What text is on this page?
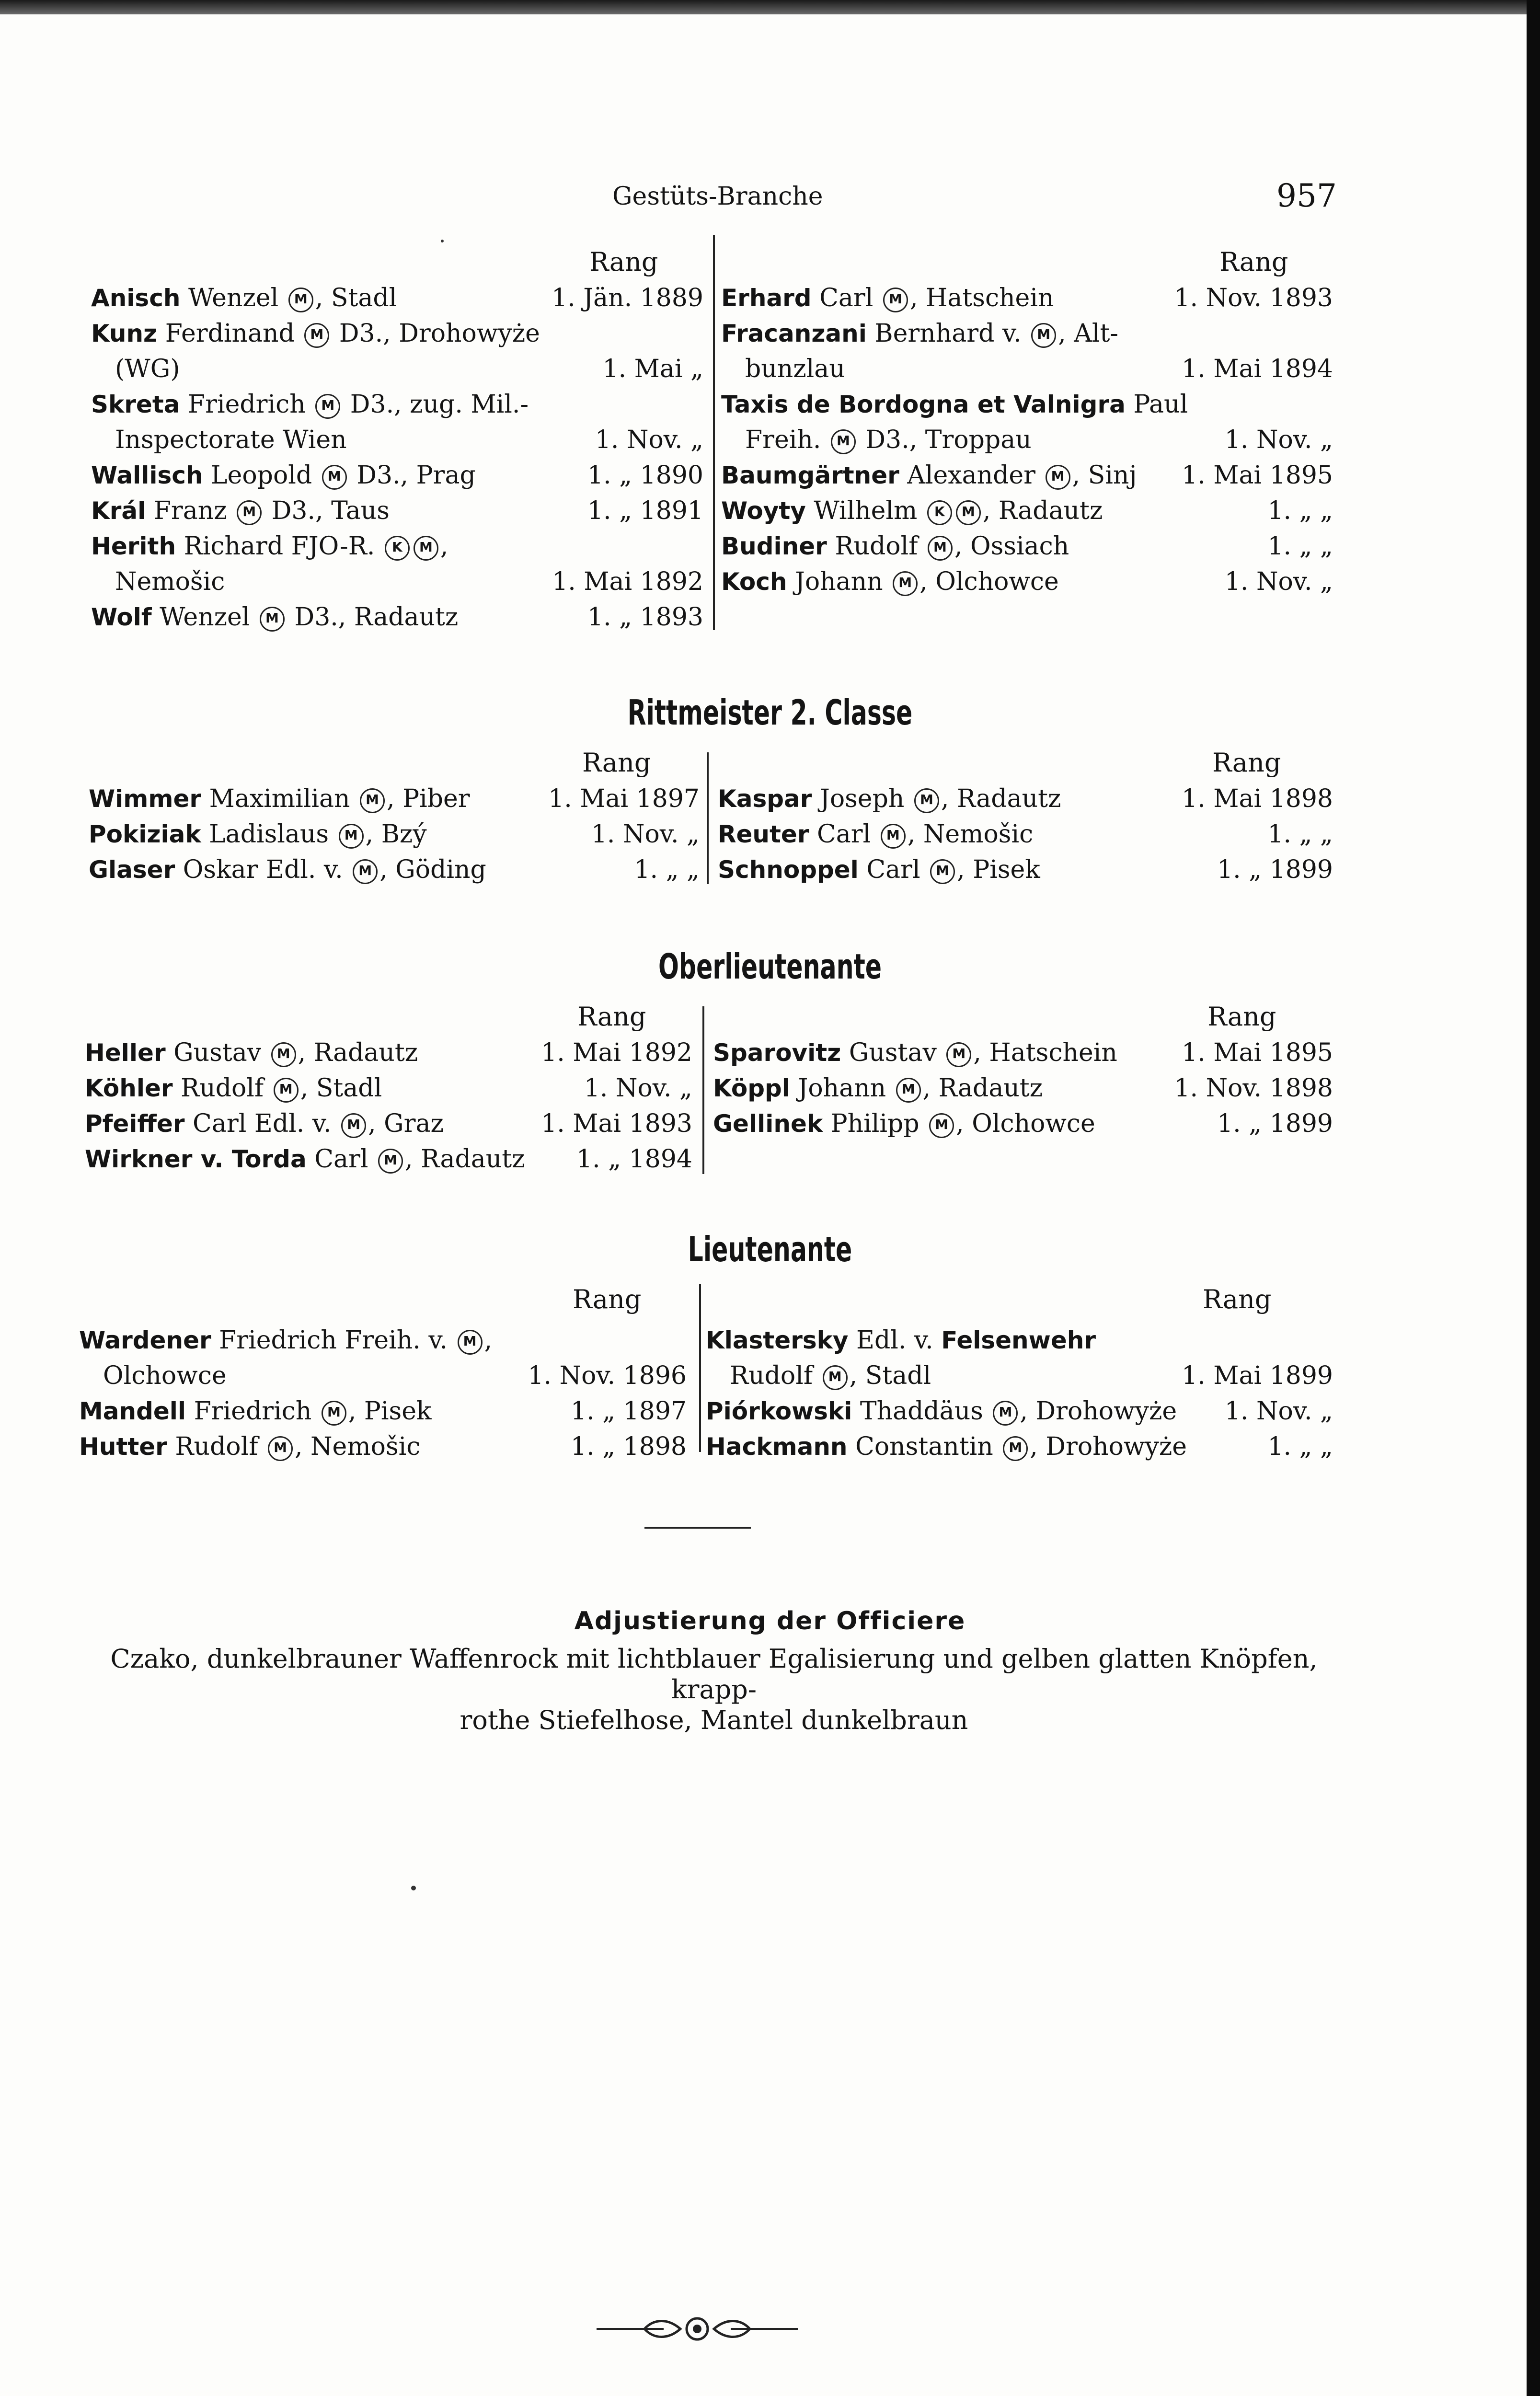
Gestüts-Branche	957
Rittmeister 2. Classe
Oberlieutenante
Lieutenante
Rang
Anisch Wenzel M , Stadl	1. Jän. 1889
Kunz Ferdinand M D3., Drohowyże
(WG)	1. Mai „
Skreta Friedrich M D3., zug. Mil.-
Inspectorate Wien	1. Nov. „
Wallisch Leopold M D3., Prag	1. „ 1890
Král Franz M D3., Taus	1. „ 1891
Herith Richard FJO-R. K M ,
Nemošic	1. Mai 1892
Wolf Wenzel M D3., Radautz	1. „ 1893
Rang
Erhard Carl M , Hatschein	1. Nov. 1893
Fracanzani Bernhard v. M , Alt-
bunzlau	1. Mai 1894
Taxis de Bordogna et Valnigra Paul
Freih. M D3., Troppau	1. Nov. „
Baumgärtner Alexander M , Sinj 1. Mai 1895
Woyty Wilhelm K M , Radautz	1. „ „
Budiner Rudolf M , Ossiach	1. „ „
Koch Johann M , Olchowce	1. Nov. „
Rang
Wimmer Maximilian M , Piber	1. Mai 1897
Pokiziak Ladislaus M , Bzý	1. Nov. „
Glaser Oskar Edl. v. M , Göding	1. „ „
Rang
Kaspar Joseph M , Radautz	1. Mai 1898
Reuter Carl M , Nemošic	1. „ „
Schnoppel Carl M , Pisek	1. „ 1899
Rang
Heller Gustav M , Radautz	1. Mai 1892
Köhler Rudolf M , Stadl	1. Nov. „
Pfeiffer Carl Edl. v. M , Graz	1. Mai 1893
Wirkner v. Torda Carl M , Radautz 1. „ 1894
Rang
Sparovitz Gustav M , Hatschein	1. Mai 1895
Köppl Johann M , Radautz	1. Nov. 1898
Gellinek Philipp M , Olchowce	1. „ 1899
Rang
Wardener Friedrich Freih. v. M ,
Olchowce	1. Nov. 1896
Mandell Friedrich M , Pisek	1. „ 1897
Hutter Rudolf M , Nemošic	1. „ 1898
Rang
Klastersky Edl. v. Felsenwehr
Rudolf M , Stadl	1. Mai 1899
Piórkowski Thaddäus M , Drohowyże 1. Nov. „
Hackmann Constantin M , Drohowyże	1. „ „
Adjustierung der Officiere
Czako, dunkelbrauner Waffenrock mit lichtblauer Egalisierung und gelben glatten Knöpfen, krapp-
rothe Stiefelhose, Mantel dunkelbraun
